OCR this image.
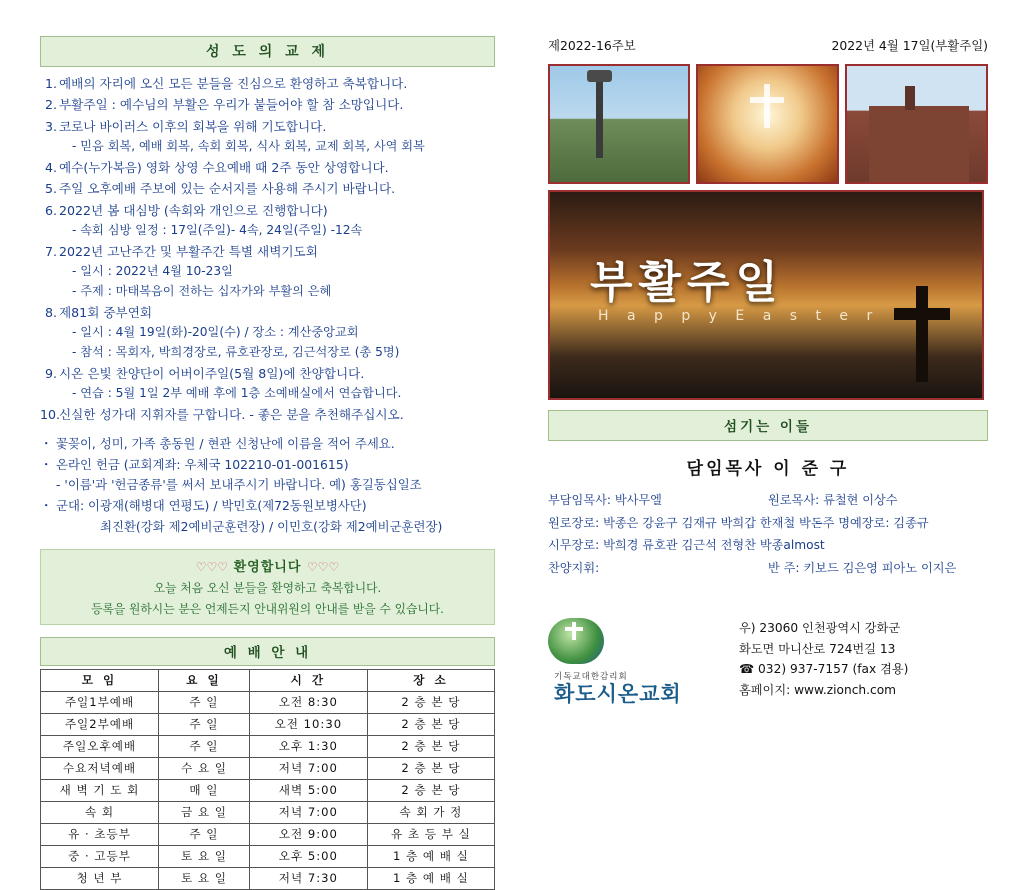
성 도 의 교 제
1. 예배의 자리에 오신 모든 분들을 진심으로 환영하고 축복합니다.
2. 부활주일 : 예수님의 부활은 우리가 붙들어야 할 참 소망입니다.
3. 코로나 바이러스 이후의 회복을 위해 기도합니다.
- 믿음 회복, 예배 회복, 속회 회복, 식사 회복, 교제 회복, 사역 회복
4. 예수(누가복음) 영화 상영 수요예배 때 2주 동안 상영합니다.
5. 주일 오후예배 주보에 있는 순서지를 사용해 주시기 바랍니다.
6. 2022년 봄 대심방 (속회와 개인으로 진행합니다)
- 속회 심방 일정 : 17일(주일)- 4속, 24일(주일) -12속
7. 2022년 고난주간 및 부활주간 특별 새벽기도회
- 일시 : 2022년 4월 10-23일
- 주제 : 마태복음이 전하는 십자가와 부활의 은혜
8. 제81회 중부연회
- 일시 : 4월 19일(화)-20일(수) / 장소 : 계산중앙교회
- 참석 : 목회자, 박희경장로, 류호관장로, 김근석장로 (총 5명)
9. 시온 은빛 찬양단이 어버이주일(5월 8일)에 찬양합니다.
- 연습 : 5월 1일 2부 예배 후에 1층 소예배실에서 연습합니다.
10.
신실한 성가대 지휘자를 구합니다. - 좋은 분을 추천해주십시오.
・ 꽃꽂이, 성미, 가족 총동원 / 현관 신청난에 이름을 적어 주세요.
・ 온라인 헌금 (교회계좌: 우체국 102210-01-001615)
- '이름'과 '헌금종류'를 써서 보내주시기 바랍니다. 예) 홍길동십일조
・ 군대: 이광재(해병대 연평도) / 박민호(제72동원보병사단)
최진환(강화 제2예비군훈련장) / 이민호(강화 제2예비군훈련장)
♡♡♡ 환영합니다 ♡♡♡
오늘 처음 오신 분들을 환영하고 축복합니다.
등록을 원하시는 분은 언제든지 안내위원의 안내를 받을 수 있습니다.
예 배 안 내
모 임	요 일	시 간	장 소
주일1부예배	주 일	오전 8:30	2 층 본 당
주일2부예배	주 일	오전 10:30	2 층 본 당
주일오후예배	주 일	오후 1:30	2 층 본 당
수요저녁예배	수 요 일	저녁 7:00	2 층 본 당
새 벽 기 도 회	매 일	새벽 5:00	2 층 본 당
속 회	금 요 일	저녁 7:00	속 회 가 정
유 · 초등부	주 일	오전 9:00	유 초 등 부 실
중 · 고등부	토 요 일	오후 5:00	1 층 예 배 실
청 년 부	토 요 일	저녁 7:30	1 층 예 배 실
제2022-16주보	2022년 4월 17일(부활주일)
부활주일
H a p p y E a s t e r
섬기는 이들
담임목사 이 준 구
부담임목사: 박사무엘	원로목사: 류철현 이상수
원로장로: 박종은 강윤구 김재규 박희갑 한재철 박돈주 명예장로: 김종규
시무장로: 박희경 류호관 김근석 전형찬 박종almost
찬양지휘:	반 주: 키보드 김은영 피아노 이지은
기독교대한감리회
화도시온교회
우) 23060 인천광역시 강화군
화도면 마니산로 724번길 13
☎ 032) 937-7157 (fax 겸용)
홈페이지: www.zionch.com
